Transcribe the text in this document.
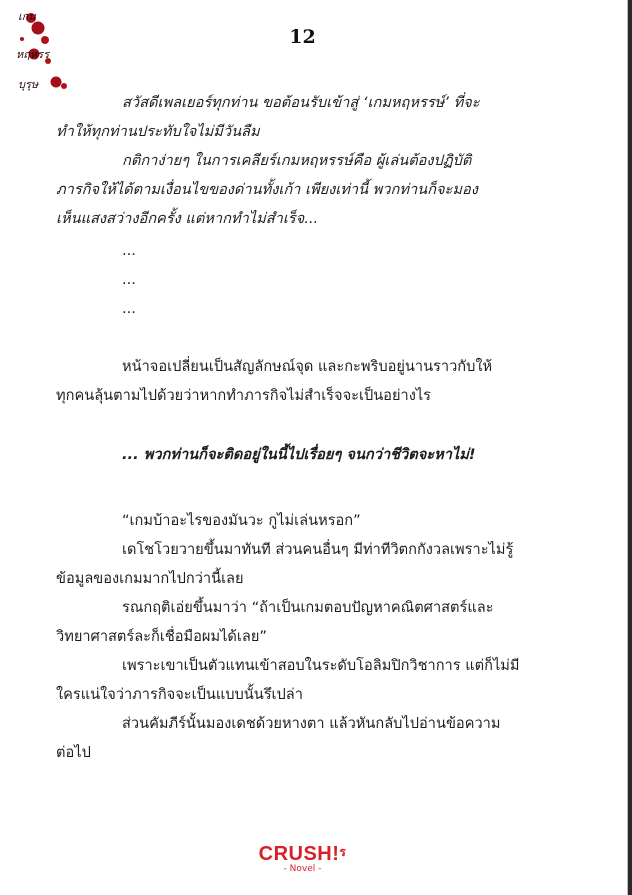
เกม
หฤหรร
บุรุษ
12
สวัสดีเพลเยอร์ทุกท่าน ขอต้อนรับเข้าสู่ ‘เกมหฤหรรษ์’ ที่จะ
ทำให้ทุกท่านประทับใจไม่มีวันลืม
กติกาง่ายๆ ในการเคลียร์เกมหฤหรรษ์คือ ผู้เล่นต้องปฏิบัติ
ภารกิจให้ได้ตามเงื่อนไขของด่านทั้งเก้า เพียงเท่านี้ พวกท่านก็จะมอง
เห็นแสงสว่างอีกครั้ง แต่หากทำไม่สำเร็จ...
...
...
...
หน้าจอเปลี่ยนเป็นสัญลักษณ์จุด และกะพริบอยู่นานราวกับให้
ทุกคนลุ้นตามไปด้วยว่าหากทำภารกิจไม่สำเร็จจะเป็นอย่างไร
... พวกท่านก็จะติดอยู่ในนี้ไปเรื่อยๆ จนกว่าชีวิตจะหาไม่!
“เกมบ้าอะไรของมันวะ กูไม่เล่นหรอก”
เดโชโวยวายขึ้นมาทันที ส่วนคนอื่นๆ มีท่าทีวิตกกังวลเพราะไม่รู้
ข้อมูลของเกมมากไปกว่านี้เลย
รณกฤติเอ่ยขึ้นมาว่า “ถ้าเป็นเกมตอบปัญหาคณิตศาสตร์และ
วิทยาศาสตร์ละก็เชื่อมือผมได้เลย”
เพราะเขาเป็นตัวแทนเข้าสอบในระดับโอลิมปิกวิชาการ แต่ก็ไม่มี
ใครแน่ใจว่าภารกิจจะเป็นแบบนั้นรึเปล่า
ส่วนคัมภีร์นั้นมองเดชด้วยหางตา แล้วหันกลับไปอ่านข้อความ
ต่อไป
CRUSH!$^ร$
- Novel -
